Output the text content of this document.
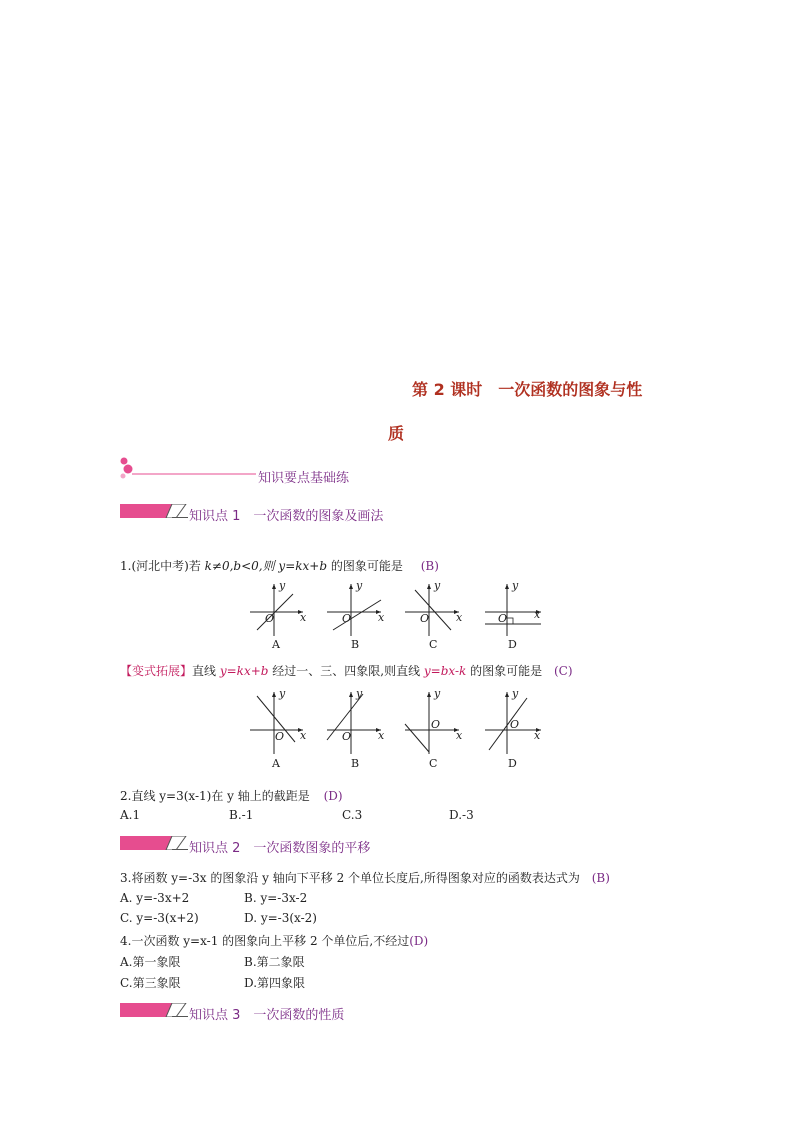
第 2 课时　一次函数的图象与性
质
知识要点基础练
知识点 1　一次函数的图象及画法
1.(河北中考)若 k≠0,b<0,则 y=kx+b 的图象可能是 (B)
y
x
O
y
x
O
y
x
O
y
x
O
A	B	C	D
【变式拓展】直线 y=kx+b 经过一、三、四象限,则直线 y=bx-k 的图象可能是 (C)
y
x
O
y
x
O
y
x
O
y
x
O
A	B	C	D
2.直线 y=3(x-1)在 y 轴上的截距是 (D)
A.1	B.-1	C.3	D.-3
知识点 2　一次函数图象的平移
3.将函数 y=-3x 的图象沿 y 轴向下平移 2 个单位长度后,所得图象对应的函数表达式为 (B)
A. y=-3x+2	B. y=-3x-2
C. y=-3(x+2)	D. y=-3(x-2)
4.一次函数 y=x-1 的图象向上平移 2 个单位后,不经过(D)
A.第一象限	B.第二象限
C.第三象限	D.第四象限
知识点 3　一次函数的性质
